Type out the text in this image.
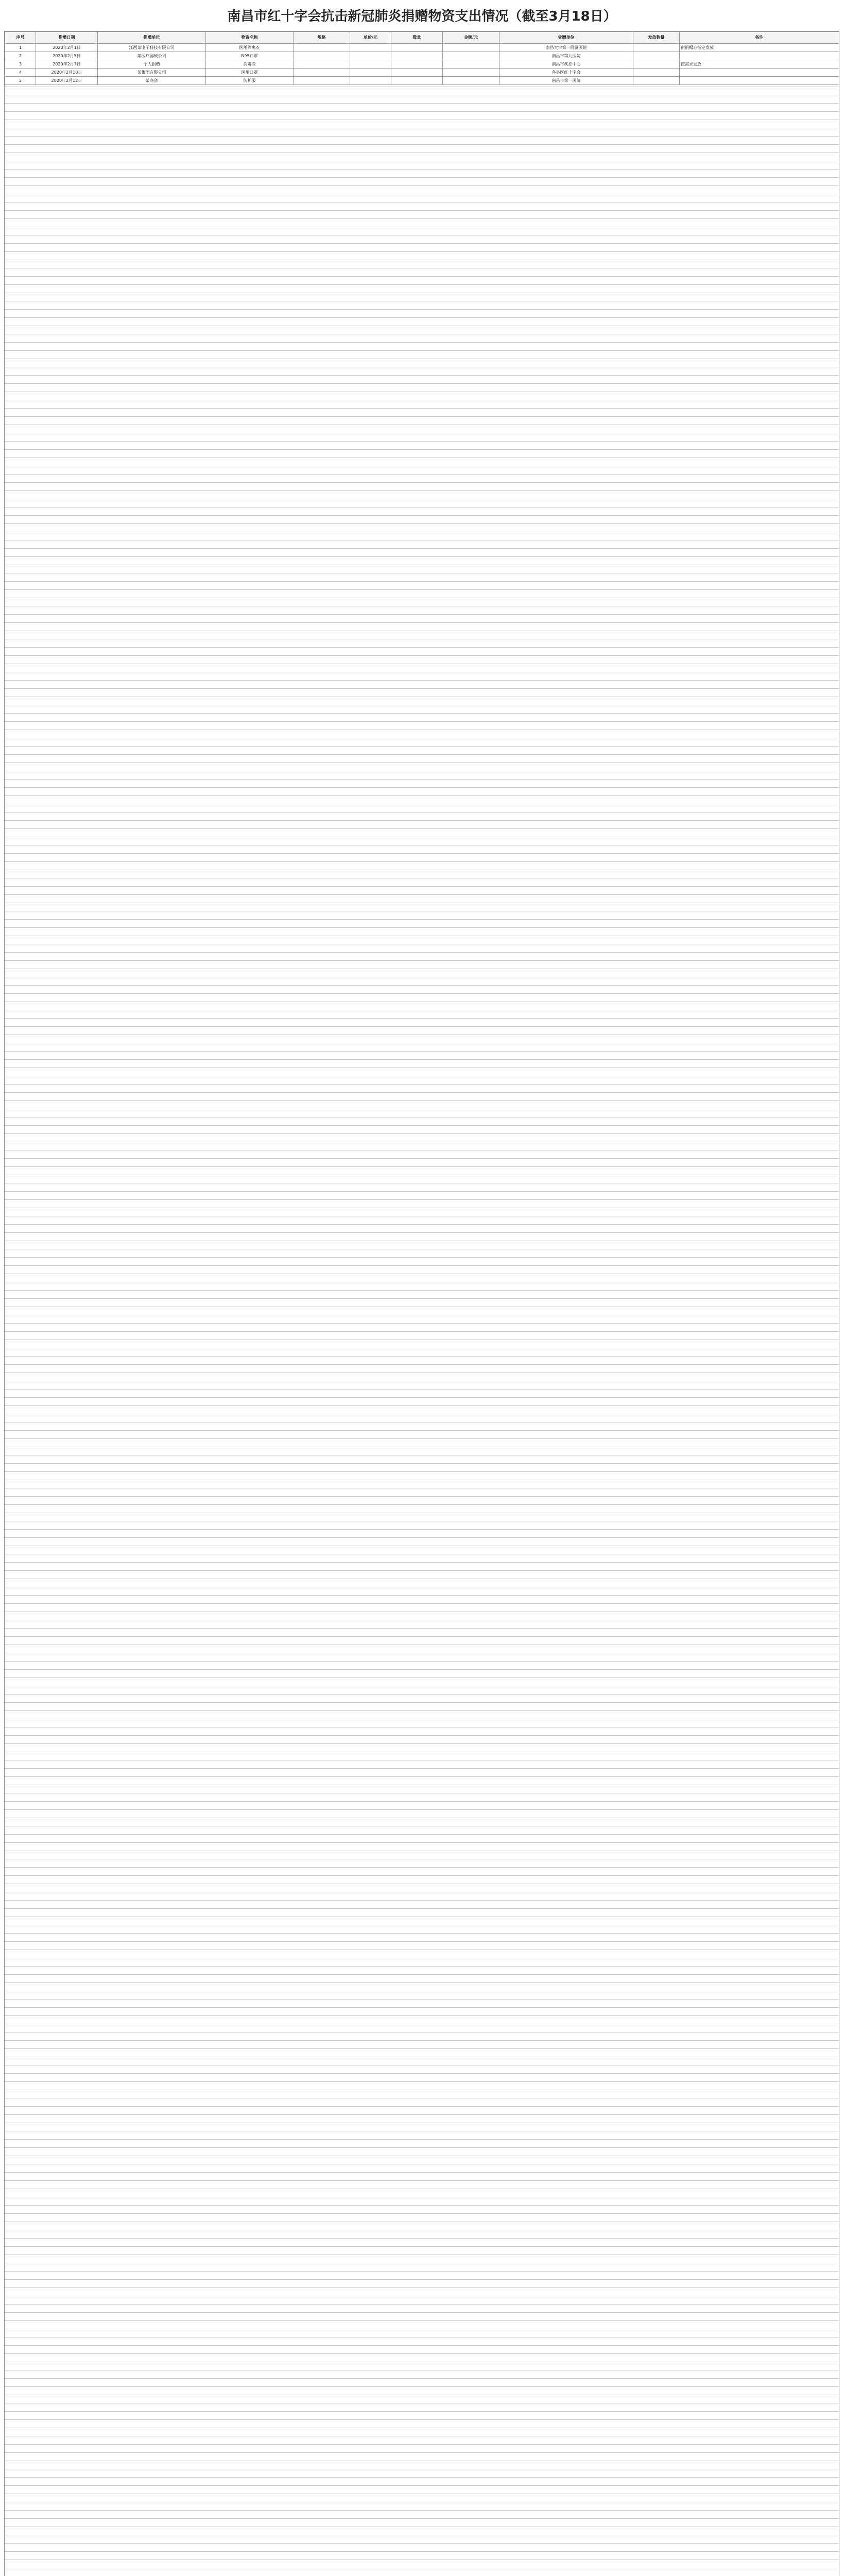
南昌市红十字会抗击新冠肺炎捐赠物资支出情况（截至3月18日）
序号	捐赠日期	捐赠单位	物资名称	规格	单价/元	数量	金额/元	受赠单位	发放数量	备注
1	2020年2月1日	江西某电子科技有限公司	医用隔离衣					南昌大学第一附属医院		由捐赠方指定发放
2	2020年2月5日	某医疗器械公司	N95口罩					南昌市第九医院		
3	2020年2月7日	个人捐赠	消毒液					南昌市疾控中心		按需求发放
4	2020年2月10日	某集团有限公司	医用口罩					各县区红十字会		
5	2020年2月12日	某商会	防护服					南昌市第一医院		
